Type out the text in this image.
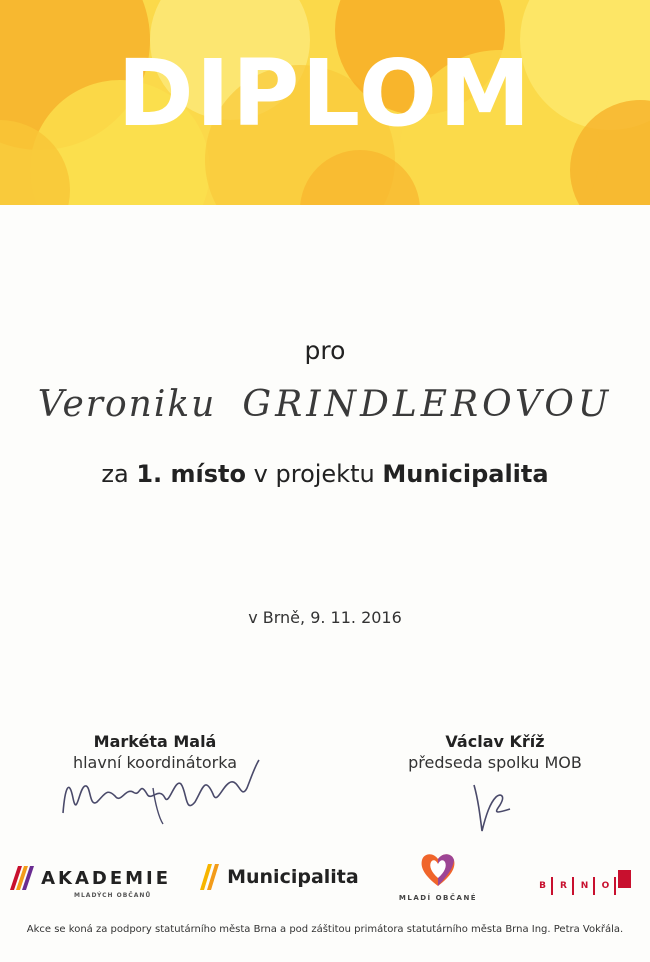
DIPLOM
pro
Veroniku GRINDLEROVOU
za 1. místo v projektu Municipalita
v Brně, 9. 11. 2016
Markéta Malá
hlavní koordinátorka
Václav Kříž
předseda spolku MOB
AKADEMIE
MLADÝCH OBČANŮ
Municipalita
MLADÍ OBČANÉ
B R N O
Akce se koná za podpory statutárního města Brna a pod záštitou primátora statutárního města Brna Ing. Petra Vokřála.
